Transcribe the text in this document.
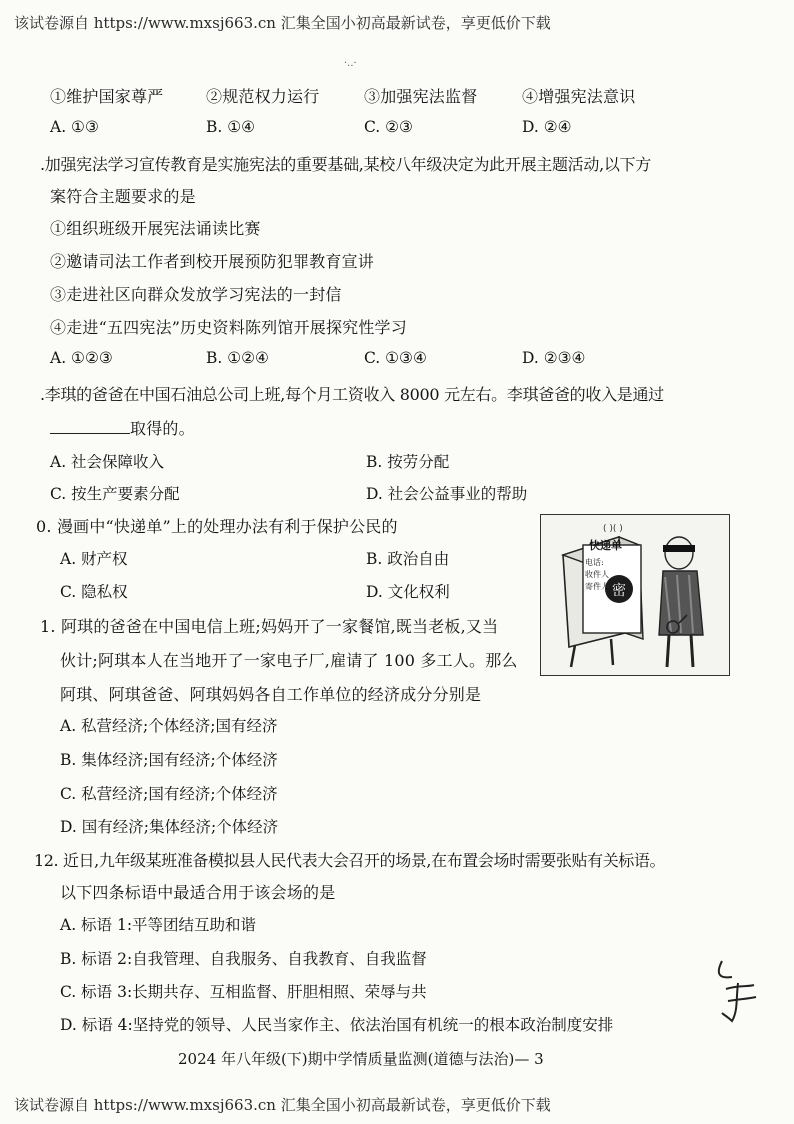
该试卷源自 https://www.mxsj663.cn 汇集全国小初高最新试卷，享更低价下载
·..·
①维护国家尊严	②规范权力运行	③加强宪法监督	④增强宪法意识
A. ①③	B. ①④	C. ②③	D. ②④
.加强宪法学习宣传教育是实施宪法的重要基础,某校八年级决定为此开展主题活动,以下方
案符合主题要求的是
①组织班级开展宪法诵读比赛
②邀请司法工作者到校开展预防犯罪教育宣讲
③走进社区向群众发放学习宪法的一封信
④走进“五四宪法”历史资料陈列馆开展探究性学习
A. ①②③	B. ①②④	C. ①③④	D. ②③④
.李琪的爸爸在中国石油总公司上班,每个月工资收入 8000 元左右。李琪爸爸的收入是通过
取得的。
A. 社会保障收入	B. 按劳分配
C. 按生产要素分配	D. 社会公益事业的帮助
0. 漫画中“快递单”上的处理办法有利于保护公民的
A. 财产权	B. 政治自由
C. 隐私权	D. 文化权利	密
( )( )
快递单
电话:
收件人
寄件人:
1. 阿琪的爸爸在中国电信上班;妈妈开了一家餐馆,既当老板,又当
伙计;阿琪本人在当地开了一家电子厂,雇请了 100 多工人。那么
阿琪、阿琪爸爸、阿琪妈妈各自工作单位的经济成分分别是
A. 私营经济;个体经济;国有经济
B. 集体经济;国有经济;个体经济
C. 私营经济;国有经济;个体经济
D. 国有经济;集体经济;个体经济
12. 近日,九年级某班准备模拟县人民代表大会召开的场景,在布置会场时需要张贴有关标语。
以下四条标语中最适合用于该会场的是
A. 标语 1:平等团结互助和谐
B. 标语 2:自我管理、自我服务、自我教育、自我监督
C. 标语 3:长期共存、互相监督、肝胆相照、荣辱与共
D. 标语 4:坚持党的领导、人民当家作主、依法治国有机统一的根本政治制度安排
2024 年八年级(下)期中学情质量监测(道德与法治)— 3
该试卷源自 https://www.mxsj663.cn 汇集全国小初高最新试卷，享更低价下载
